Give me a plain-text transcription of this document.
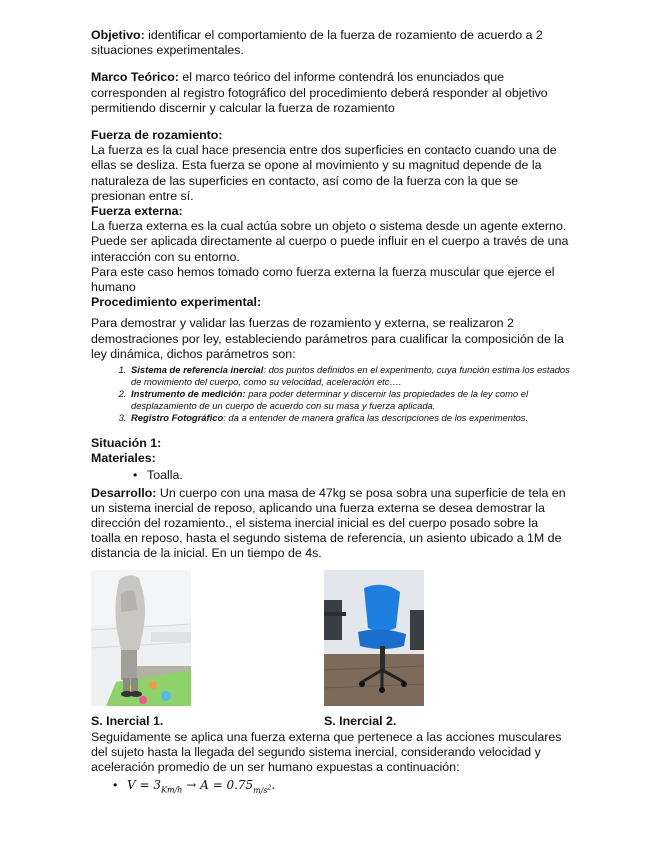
Objetivo: identificar el comportamiento de la fuerza de rozamiento de acuerdo a 2 situaciones experimentales.

Marco Teórico: el marco teórico del informe contendrá los enunciados que corresponden al registro fotográfico del procedimiento deberá responder al objetivo permitiendo discernir y calcular la fuerza de rozamiento

Fuerza de rozamiento:

La fuerza es la cual hace presencia entre dos superficies en contacto cuando una de ellas se desliza. Esta fuerza se opone al movimiento y su magnitud depende de la naturaleza de las superficies en contacto, así como de la fuerza con la que se presionan entre sí.

Fuerza externa:

La fuerza externa es la cual actúa sobre un objeto o sistema desde un agente externo. Puede ser aplicada directamente al cuerpo o puede influir en el cuerpo a través de una interacción con su entorno.

Para este caso hemos tomado como fuerza externa la fuerza muscular que ejerce el humano

Procedimiento experimental:

Para demostrar y validar las fuerzas de rozamiento y externa, se realizaron 2 demostraciones por ley, estableciendo parámetros para cualificar la composición de la ley dinámica, dichos parámetros son:

1. Sistema de referencia inercial: dos puntos definidos en el experimento, cuya función estima los estados de movimiento del cuerpo, como su velocidad, aceleración etc….
2. Instrumento de medición: para poder determinar y discernir las propiedades de la ley como el desplazamiento de un cuerpo de acuerdo con su masa y fuerza aplicada.
3. Registro Fotográfico: da a entender de manera grafica las descripciones de los experimentos.
Situación 1:
Materiales:
• Toalla.

Desarrollo: Un cuerpo con una masa de 47kg se posa sobra una superficie de tela en un sistema inercial de reposo, aplicando una fuerza externa se desea demostrar la dirección del rozamiento., el sistema inercial inicial es del cuerpo posado sobre la toalla en reposo, hasta el segundo sistema de referencia, un asiento ubicado a 1M de distancia de la inicial. En un tiempo de 4s.

S. Inercial 1.	S. Inercial 2.

Seguidamente se aplica una fuerza externa que pertenece a las acciones musculares del sujeto hasta la llegada del segundo sistema inercial, considerando velocidad y aceleración promedio de un ser humano expuestas a continuación:

• $V = 3_{Km/h} \to A = 0.75_{m/s^2}$.
